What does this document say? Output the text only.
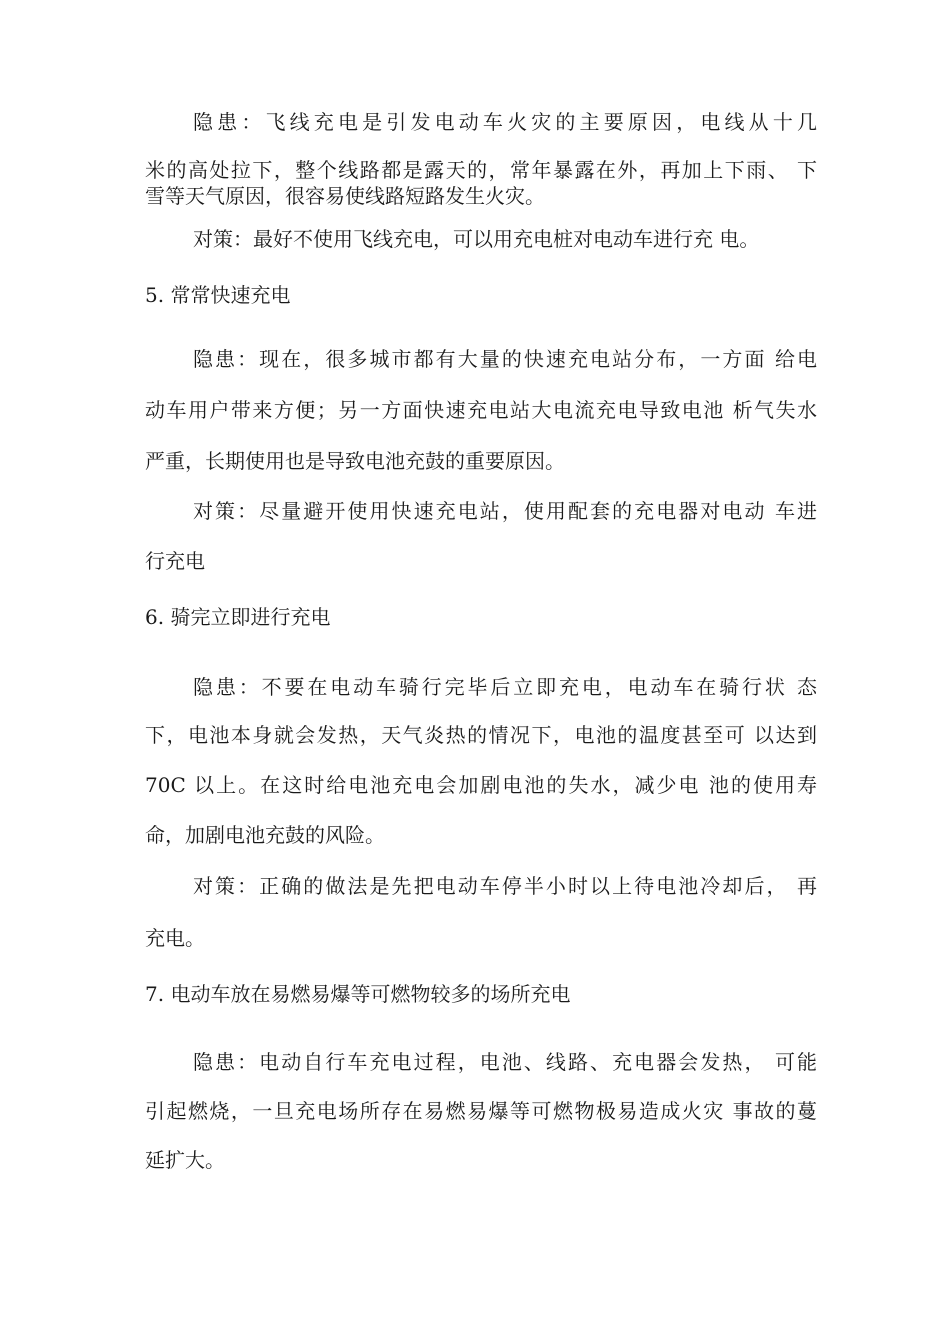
隐患：飞线充电是引发电动车火灾的主要原因，电线从十几
米的高处拉下，整个线路都是露天的，常年暴露在外，再加上下雨、 下
雪等天气原因，很容易使线路短路发生火灾。
对策：最好不使用飞线充电，可以用充电桩对电动车进行充 电。
5. 常常快速充电
隐患：现在，很多城市都有大量的快速充电站分布，一方面 给电
动车用户带来方便；另一方面快速充电站大电流充电导致电池 析气失水
严重，长期使用也是导致电池充鼓的重要原因。
对策：尽量避开使用快速充电站，使用配套的充电器对电动 车进
行充电
6. 骑完立即进行充电
隐患：不要在电动车骑行完毕后立即充电，电动车在骑行状 态
下，电池本身就会发热，天气炎热的情况下，电池的温度甚至可 以达到
70C 以上。在这时给电池充电会加剧电池的失水，减少电 池的使用寿
命，加剧电池充鼓的风险。
对策：正确的做法是先把电动车停半小时以上待电池冷却后， 再
充电。
7. 电动车放在易燃易爆等可燃物较多的场所充电
隐患：电动自行车充电过程，电池、线路、充电器会发热， 可能
引起燃烧，一旦充电场所存在易燃易爆等可燃物极易造成火灾 事故的蔓
延扩大。
